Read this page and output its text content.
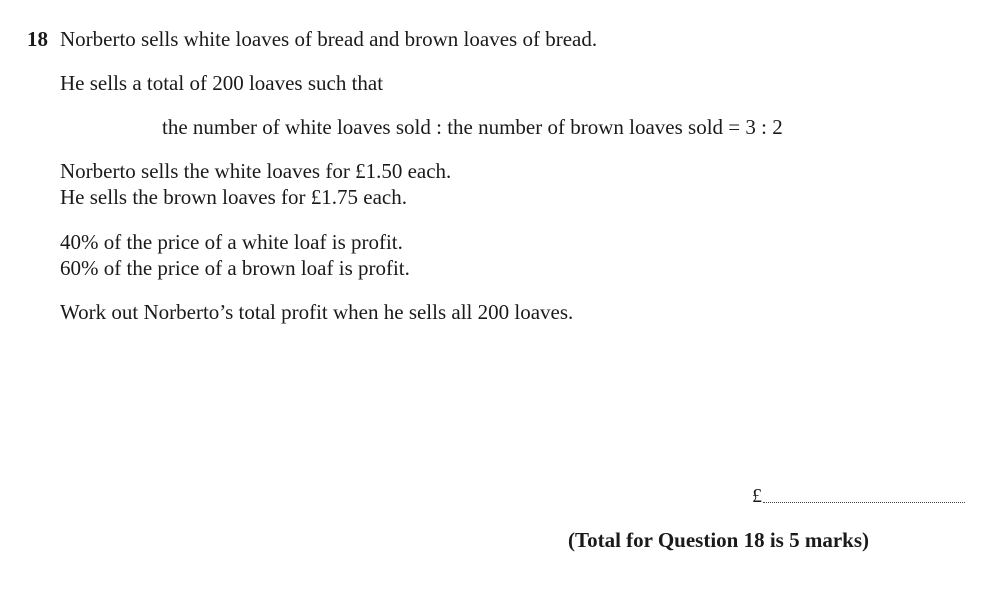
18 Norberto sells white loaves of bread and brown loaves of bread.
He sells a total of 200 loaves such that
the number of white loaves sold : the number of brown loaves sold = 3 : 2
Norberto sells the white loaves for £1.50 each.
He sells the brown loaves for £1.75 each.
40% of the price of a white loaf is profit.
60% of the price of a brown loaf is profit.
Work out Norberto’s total profit when he sells all 200 loaves.
£
(Total for Question 18 is 5 marks)
